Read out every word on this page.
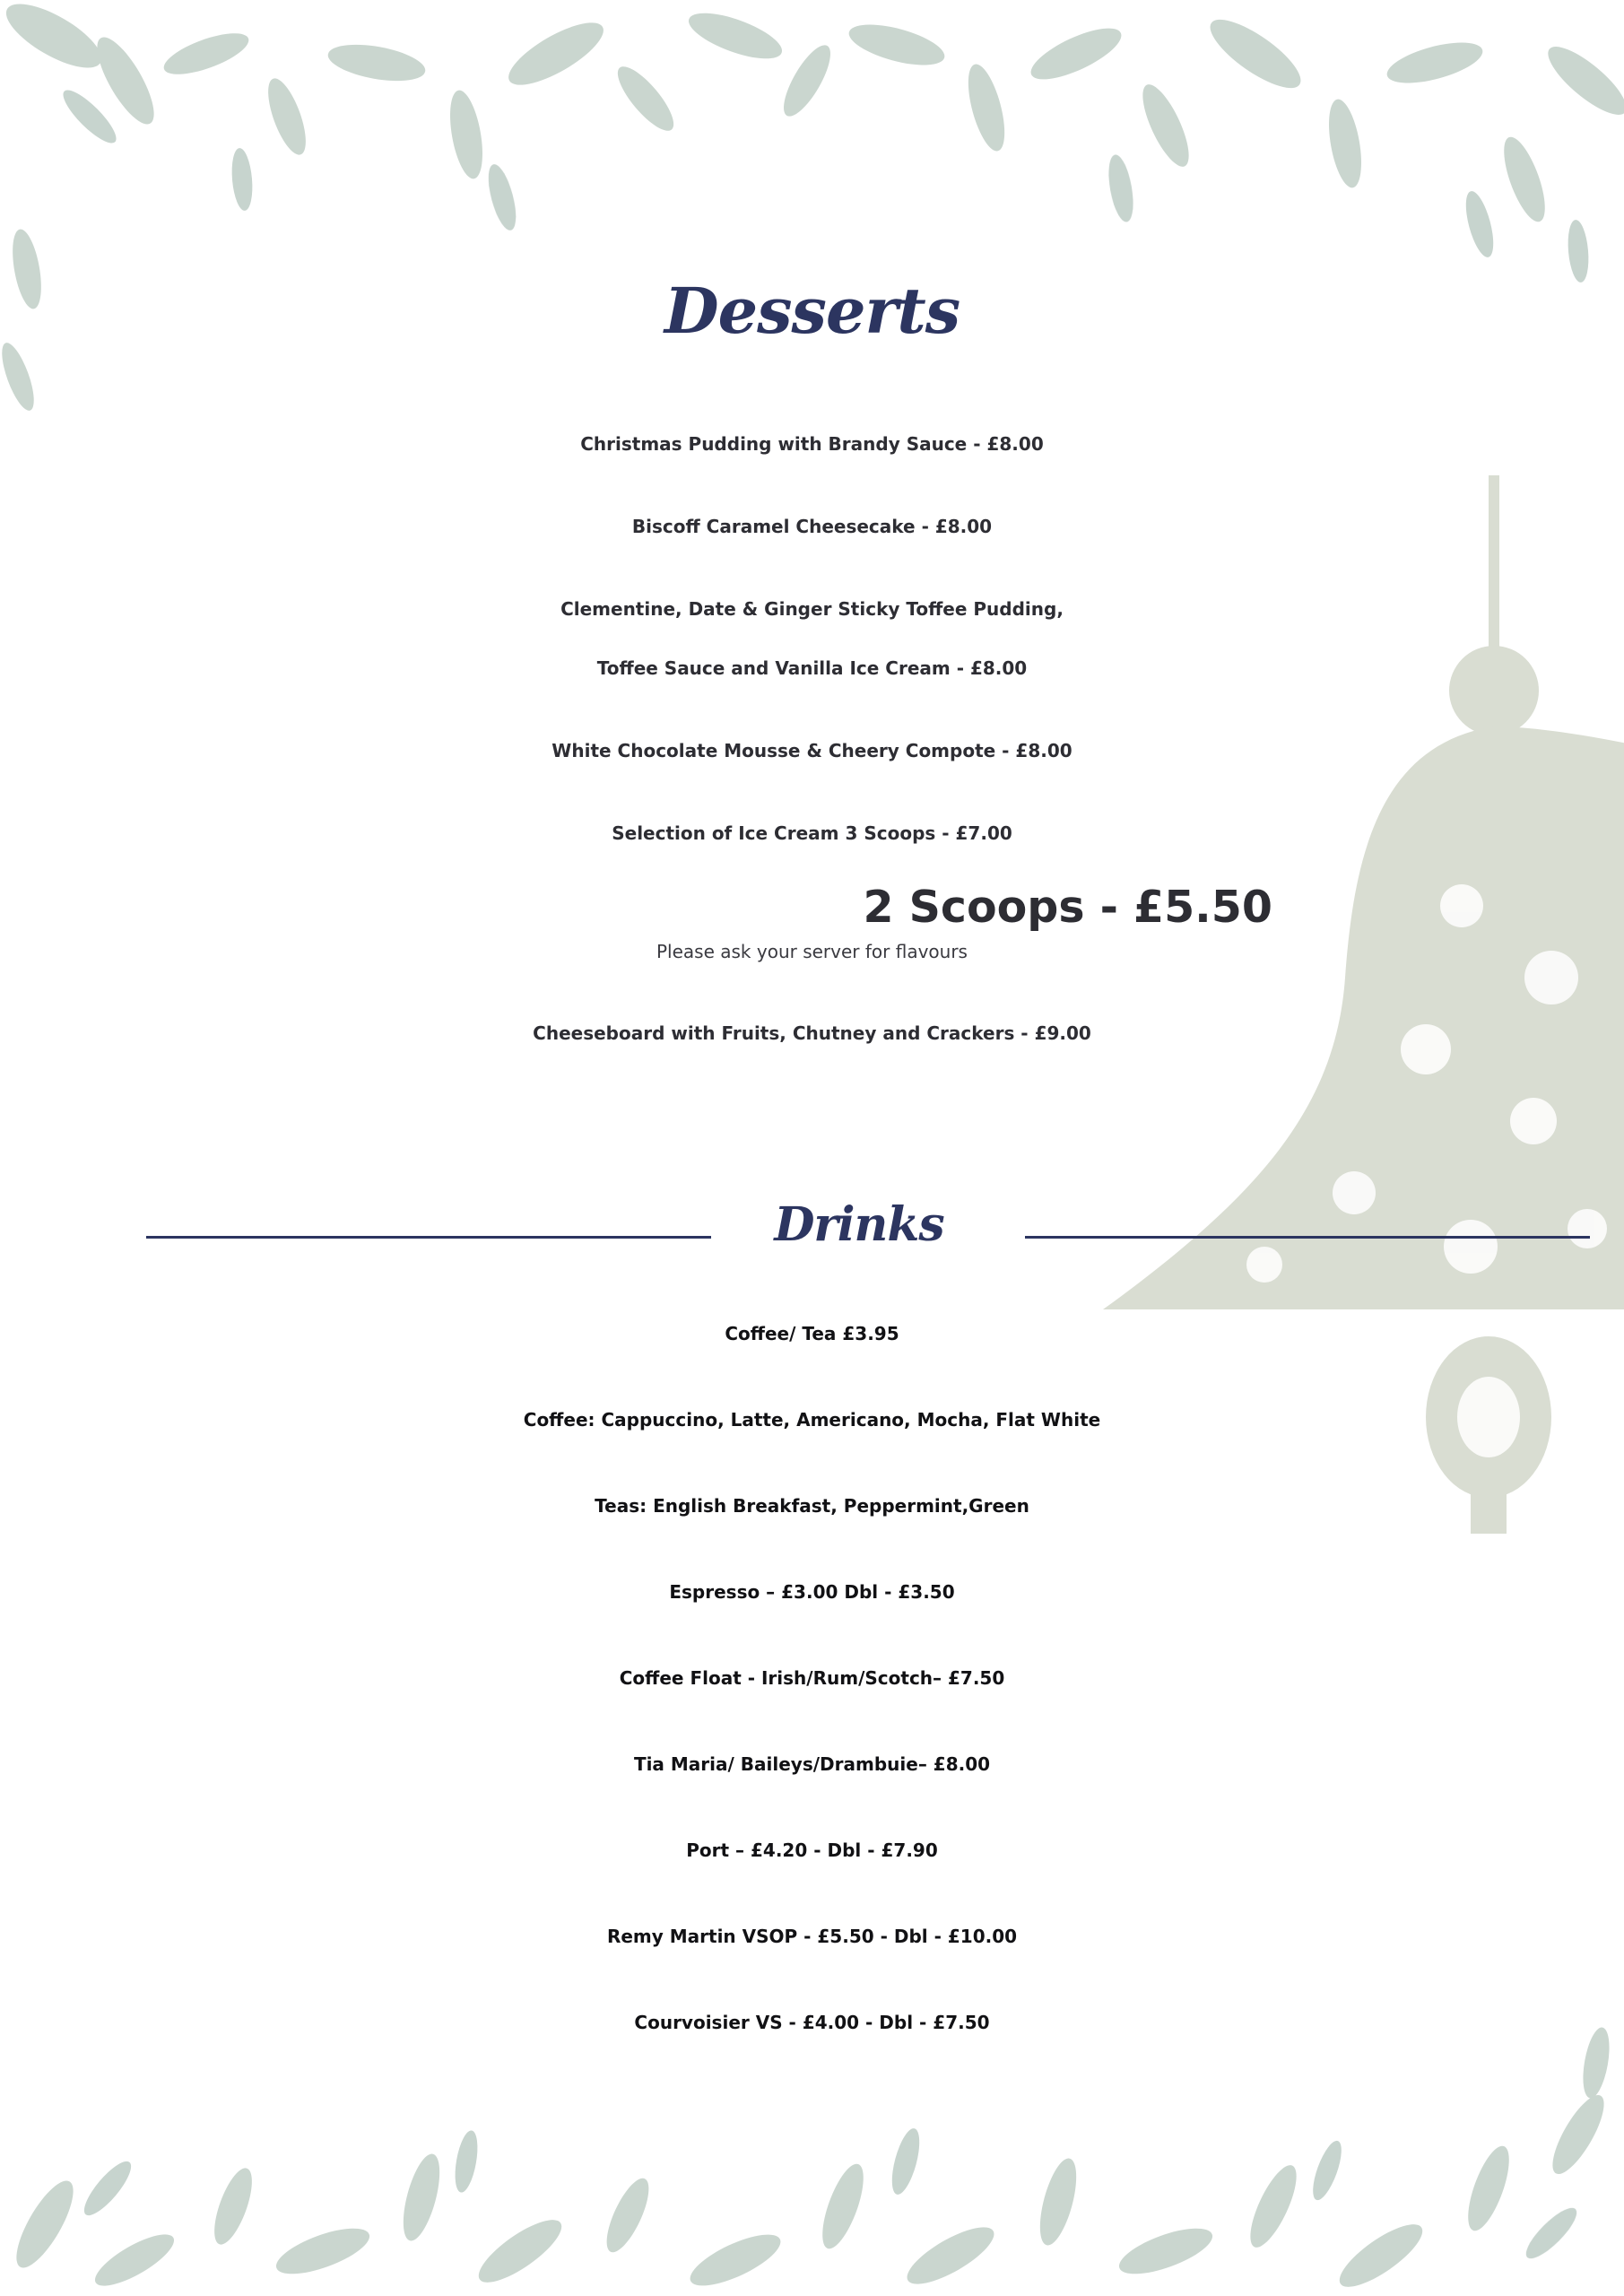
Desserts
Christmas Pudding with Brandy Sauce - £8.00
Biscoff Caramel Cheesecake - £8.00
Clementine, Date & Ginger Sticky Toffee Pudding,
Toffee Sauce and Vanilla Ice Cream - £8.00
White Chocolate Mousse & Cheery Compote - £8.00
Selection of Ice Cream 3 Scoops - £7.00
2 Scoops - £5.50
Please ask your server for flavours
Cheeseboard with Fruits, Chutney and Crackers - £9.00
Drinks
Coffee/ Tea £3.95
Coffee: Cappuccino, Latte, Americano, Mocha, Flat White
Teas: English Breakfast, Peppermint,Green
Espresso – £3.00 Dbl - £3.50
Coffee Float - Irish/Rum/Scotch– £7.50
Tia Maria/ Baileys/Drambuie– £8.00
Port – £4.20 - Dbl - £7.90
Remy Martin VSOP - £5.50 - Dbl - £10.00
Courvoisier VS - £4.00 - Dbl - £7.50
